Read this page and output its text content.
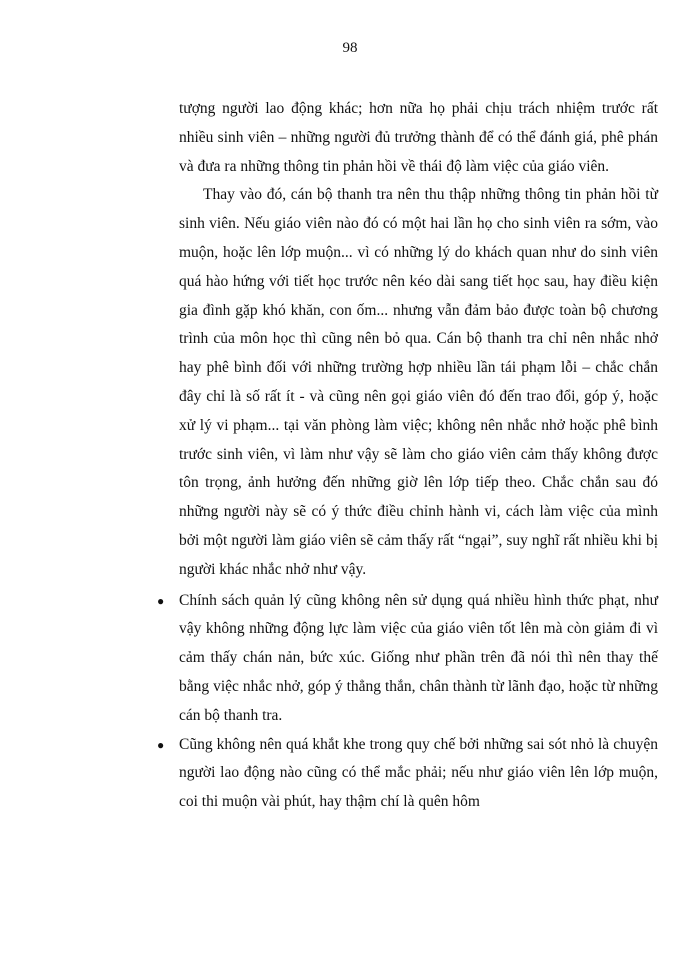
98

tượng người lao động khác; hơn nữa họ phải chịu trách nhiệm trước rất nhiều sinh viên – những người đủ trưởng thành để có thể đánh giá, phê phán và đưa ra những thông tin phản hồi về thái độ làm việc của giáo viên.

Thay vào đó, cán bộ thanh tra nên thu thập những thông tin phản hồi từ sinh viên. Nếu giáo viên nào đó có một hai lần họ cho sinh viên ra sớm, vào muộn, hoặc lên lớp muộn... vì có những lý do khách quan như do sinh viên quá hào hứng với tiết học trước nên kéo dài sang tiết học sau, hay điều kiện gia đình gặp khó khăn, con ốm... nhưng vẫn đảm bảo được toàn bộ chương trình của môn học thì cũng nên bỏ qua. Cán bộ thanh tra chỉ nên nhắc nhở hay phê bình đối với những trường hợp nhiều lần tái phạm lỗi – chắc chắn đây chỉ là số rất ít - và cũng nên gọi giáo viên đó đến trao đổi, góp ý, hoặc xử lý vi phạm... tại văn phòng làm việc; không nên nhắc nhở hoặc phê bình trước sinh viên, vì làm như vậy sẽ làm cho giáo viên cảm thấy không được tôn trọng, ảnh hưởng đến những giờ lên lớp tiếp theo. Chắc chắn sau đó những người này sẽ có ý thức điều chỉnh hành vi, cách làm việc của mình bởi một người làm giáo viên sẽ cảm thấy rất “ngại”, suy nghĩ rất nhiều khi bị người khác nhắc nhở như vậy.

● Chính sách quản lý cũng không nên sử dụng quá nhiều hình thức phạt, như vậy không những động lực làm việc của giáo viên tốt lên mà còn giảm đi vì cảm thấy chán nản, bức xúc. Giống như phần trên đã nói thì nên thay thế bằng việc nhắc nhở, góp ý thẳng thắn, chân thành từ lãnh đạo, hoặc từ những cán bộ thanh tra.
● Cũng không nên quá khắt khe trong quy chế bởi những sai sót nhỏ là chuyện người lao động nào cũng có thể mắc phải; nếu như giáo viên lên lớp muộn, coi thi muộn vài phút, hay thậm chí là quên hôm
